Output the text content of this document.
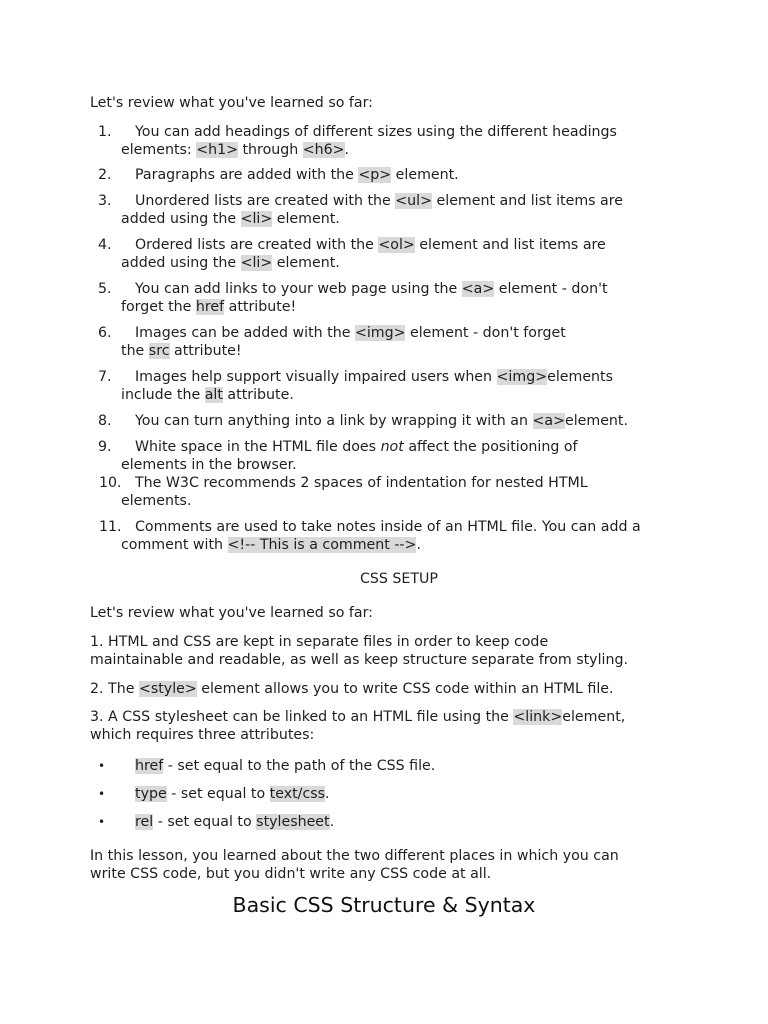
Let's review what you've learned so far:

1. You can add headings of different sizes using the different headings
elements: <h1> through <h6>.
2. Paragraphs are added with the <p> element.
3. Unordered lists are created with the <ul> element and list items are
added using the <li> element.
4. Ordered lists are created with the <ol> element and list items are
added using the <li> element.
5. You can add links to your web page using the <a> element - don't
forget the href attribute!
6. Images can be added with the <img> element - don't forget
the src attribute!
7. Images help support visually impaired users when <img>elements
include the alt attribute.
8. You can turn anything into a link by wrapping it with an <a>element.
9. White space in the HTML file does not affect the positioning of
elements in the browser.
10. The W3C recommends 2 spaces of indentation for nested HTML
elements.
11. Comments are used to take notes inside of an HTML file. You can add a
comment with <!-- This is a comment -->.
CSS SETUP

Let's review what you've learned so far:

1. HTML and CSS are kept in separate files in order to keep code

maintainable and readable, as well as keep structure separate from styling.

2. The <style> element allows you to write CSS code within an HTML file.

3. A CSS stylesheet can be linked to an HTML file using the <link>element,

which requires three attributes:

• href - set equal to the path of the CSS file.
• type - set equal to text/css.
• rel - set equal to stylesheet.

In this lesson, you learned about the two different places in which you can

write CSS code, but you didn't write any CSS code at all.

Basic CSS Structure & Syntax
